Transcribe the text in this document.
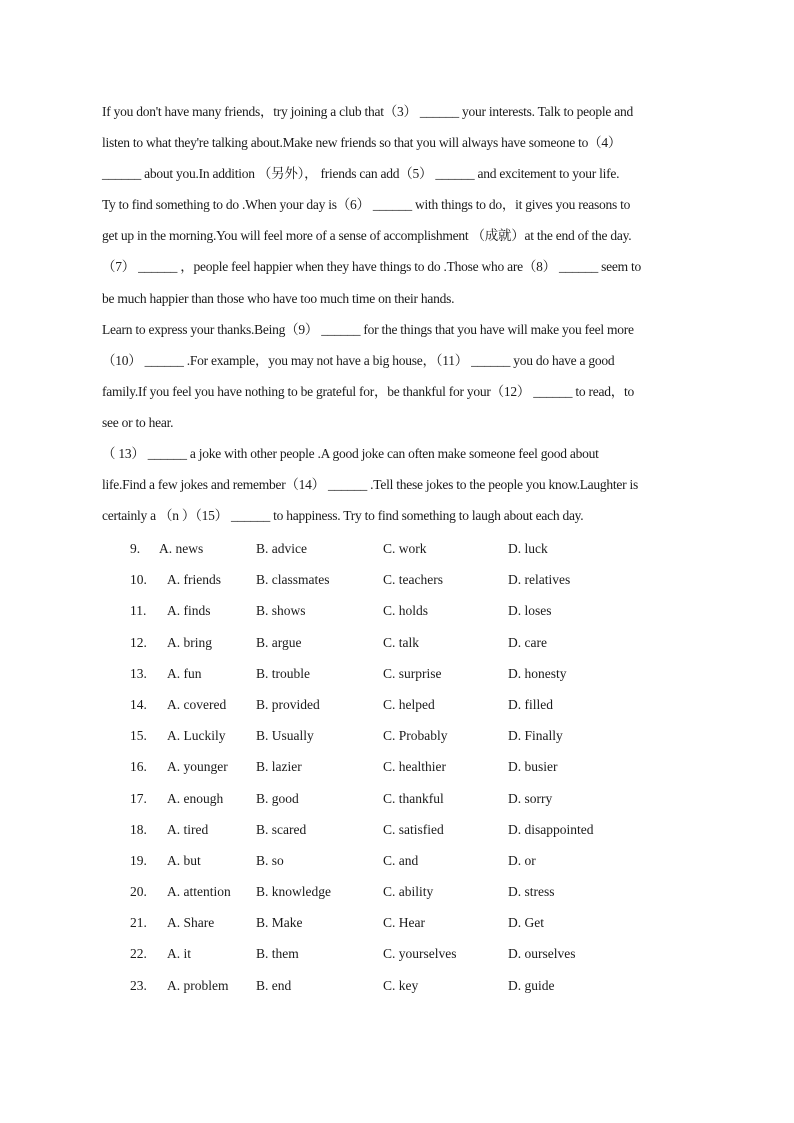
If you don't have many friends，try joining a club that（3） ______ your interests. Talk to people and
listen to what they're talking about.Make new friends so that you will always have someone to（4）
______ about you.In addition （另外）， friends can add（5） ______ and excitement to your life.
Ty to find something to do .When your day is（6） ______ with things to do，it gives you reasons to
get up in the morning.You will feel more of a sense of accomplishment （成就）at the end of the day.
（7） ______ ，people feel happier when they have things to do .Those who are（8） ______ seem to
be much happier than those who have too much time on their hands.
Learn to express your thanks.Being（9） ______ for the things that you have will make you feel more
（10） ______ .For example，you may not have a big house，（11） ______ you do have a good
family.If you feel you have nothing to be grateful for，be thankful for your（12） ______ to read，to
see or to hear.
（ 13） ______ a joke with other people .A good joke can often make someone feel good about
life.Find a few jokes and remember（14） ______ .Tell these jokes to the people you know.Laughter is
certainly a （n ）（15） ______ to happiness. Try to find something to laugh about each day.
9. A. news	B. advice	C. work	D. luck
10. A. friends	B. classmates	C. teachers	D. relatives
11. A. finds	B. shows	C. holds	D. loses
12. A. bring	B. argue	C. talk	D. care
13. A. fun	B. trouble	C. surprise	D. honesty
14. A. covered B. provided	C. helped	D. filled
15. A. Luckily B. Usually	C. Probably	D. Finally
16. A. younger B. lazier	C. healthier	D. busier
17. A. enough B. good	C. thankful	D. sorry
18. A. tired	B. scared	C. satisfied	D. disappointed
19. A. but	B. so	C. and	D. or
20. A. attention B. knowledge	C. ability	D. stress
21. A. Share	B. Make	C. Hear	D. Get
22. A. it	B. them	C. yourselves	D. ourselves
23. A. problem B. end	C. key	D. guide
